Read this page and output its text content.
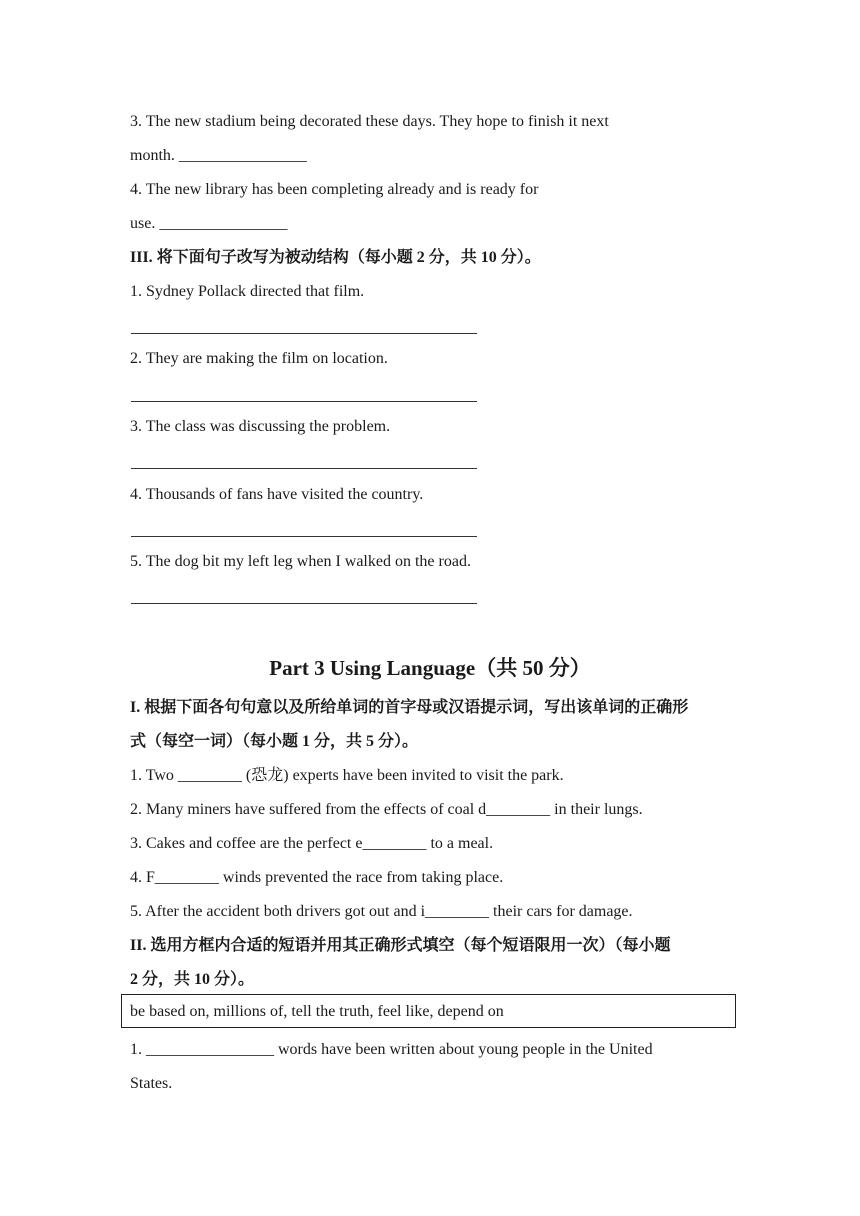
3. The new stadium being decorated these days. They hope to finish it next
month. ________________
4. The new library has been completing already and is ready for
use. ________________
III. 将下面句子改写为被动结构（每小题 2 分，共 10 分）。
1. Sydney Pollack directed that film.
2. They are making the film on location.
3. The class was discussing the problem.
4. Thousands of fans have visited the country.
5. The dog bit my left leg when I walked on the road.
Part 3 Using Language（共 50 分）
I. 根据下面各句句意以及所给单词的首字母或汉语提示词，写出该单词的正确形
式（每空一词）（每小题 1 分，共 5 分）。
1. Two ________ (恐龙) experts have been invited to visit the park.
2. Many miners have suffered from the effects of coal d________ in their lungs.
3. Cakes and coffee are the perfect e________ to a meal.
4. F________ winds prevented the race from taking place.
5. After the accident both drivers got out and i________ their cars for damage.
II. 选用方框内合适的短语并用其正确形式填空（每个短语限用一次）（每小题
2 分，共 10 分）。
be based on, millions of, tell the truth, feel like, depend on
1. ________________ words have been written about young people in the United
States.
